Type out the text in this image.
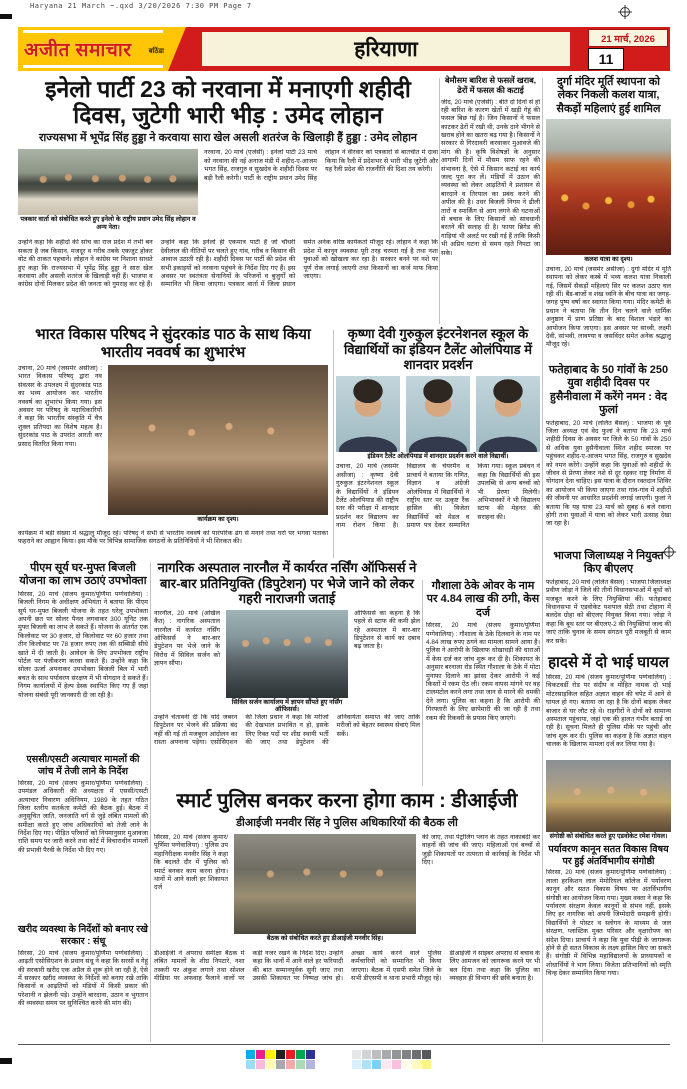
Haryana 21 March ~.qxd 3/20/2026 7:30 PM Page 7
अजीत समाचार बठिंडा	हरियाणा	21 मार्च, 2026
11
इनेलो पार्टी 23 को नरवाना में मनाएगी शहीदी दिवस, जुटेगी भारी भीड़ : उमेद लोहान
राज्यसभा में भूपेंद्र सिंह हुड्डा ने करवाया सारा खेल असली शतरंज के खिलाड़ी हैं हुड्डा : उमेद लोहान
पत्रकार वार्ता को संबोधित करते हुए इनेलो के राष्ट्रीय प्रधान उमेद सिंह लोहान व अन्य नेता।
नरवाना, 20 मार्च (एजेंसी) : इनेलो पार्टी 23 मार्च को नरवाना की नई अनाज मंडी में शहीद-ए-आजम भगत सिंह, राजगुरु व सुखदेव के शहीदी दिवस पर बड़ी रैली करेगी। पार्टी के राष्ट्रीय प्रधान उमेद सिंह लोहान ने वीरवार को पत्रकारों से बातचीत में दावा किया कि रैली में प्रदेशभर से भारी भीड़ जुटेगी और यह रैली प्रदेश की राजनीति की दिशा तय करेगी।
उन्होंने कहा कि शहीदों की सोच का राज प्रदेश में तभी बन सकता है जब किसान, मजदूर व गरीब तबके एकजुट होकर वोट की ताकत पहचानें। लोहान ने कांग्रेस पर निशाना साधते हुए कहा कि राज्यसभा में भूपेंद्र सिंह हुड्डा ने सारा खेल करवाया और असली शतरंज के खिलाड़ी वही हैं। भाजपा व कांग्रेस दोनों मिलकर प्रदेश की जनता को गुमराह कर रहे हैं। उन्होंने कहा कि इनेलो ही एकमात्र पार्टी है जो चौधरी देवीलाल की नीतियों पर चलते हुए गांव, गरीब व किसान की आवाज उठाती रही है। शहीदी दिवस पर पार्टी की प्रदेश की सभी इकाइयों को नरवाना पहुंचने के निर्देश दिए गए हैं। इस अवसर पर स्वतंत्रता सेनानियों के परिजनों व बुजुर्गों को सम्मानित भी किया जाएगा। पत्रकार वार्ता में जिला प्रधान समेत अनेक वरिष्ठ कार्यकर्ता मौजूद रहे। लोहान ने कहा कि प्रदेश में कानून व्यवस्था पूरी तरह चरमरा गई है तथा नशा युवाओं को खोखला कर रहा है। सरकार बनने पर नशे पर पूर्ण रोक लगाई जाएगी तथा किसानों का कर्ज माफ किया जाएगा।
बेमौसम बारिश से फसलें खराब, ढेरों में फसल की कटाई
जींद, 20 मार्च (एजेंसी) : बीते दो दिनों से हो रही बारिश के कारण खेतों में खड़ी गेहूं की फसल बिछ गई है। जिन किसानों ने फसल काटकर ढेरों में रखी थी, उनके दाने भीगने से खराब होने का खतरा बढ़ गया है। किसानों ने सरकार से गिरदावरी करवाकर मुआवजे की मांग की है। कृषि विशेषज्ञों के अनुसार आगामी दिनों में मौसम साफ रहने की संभावना है, ऐसे में किसान कटाई का कार्य जल्द पूरा कर लें। मंडियों में उठान की व्यवस्था को लेकर आढ़तियों ने प्रशासन से बारदाने व तिरपाल का प्रबंध करने की अपील की है। उधर बिजली निगम ने ढीली तारों व स्पार्किंग से आग लगने की घटनाओं से बचाव के लिए किसानों को सावधानी बरतने की सलाह दी है। फायर ब्रिगेड की गाड़ियां भी अलर्ट पर रखी गई हैं ताकि किसी भी अप्रिय घटना से समय रहते निपटा जा सके।
दुर्गा मंदिर मूर्ति स्थापना को लेकर निकली कलश यात्रा, सैकड़ों महिलाएं हुई शामिल
कलश यात्रा का दृश्य।
उचाना, 20 मार्च (जसमेर असीजा) : दुर्गा मंदिर में मूर्ति स्थापना को लेकर कस्बे में भव्य कलश यात्रा निकाली गई, जिसमें सैकड़ों महिलाएं सिर पर कलश उठाए चल रही थीं। बैंड-बाजों व शंख ध्वनि के बीच यात्रा का जगह-जगह पुष्प वर्षा कर स्वागत किया गया। मंदिर कमेटी के प्रधान ने बताया कि तीन दिन चलने वाले धार्मिक अनुष्ठान में प्राण प्रतिष्ठा के बाद विशाल भंडारे का आयोजन किया जाएगा। इस अवसर पर साध्वी, लक्ष्मी देवी, सांभवी, लावण्या व जसविंदर समेत अनेक श्रद्धालु मौजूद रहे।
भारत विकास परिषद ने सुंदरकांड पाठ के साथ किया भारतीय नववर्ष का शुभारंभ
उचाना, 20 मार्च (जसमेर असीजा) : भारत विकास परिषद् द्वारा नव संवत्सर के उपलक्ष्य में सुंदरकांड पाठ का भव्य आयोजन कर भारतीय नववर्ष का शुभारंभ किया गया। इस अवसर पर परिषद् के पदाधिकारियों ने कहा कि भारतीय संस्कृति में चैत्र शुक्ल प्रतिपदा का विशेष महत्व है। सुंदरकांड पाठ के उपरांत आरती कर प्रसाद वितरित किया गया।
कार्यक्रम का दृश्य।
कार्यक्रम में बड़ी संख्या में श्रद्धालु मौजूद रहे। परिषद् ने सभी से भारतीय नववर्ष को पारंपरिक ढंग से मनाने तथा घरों पर भगवा पताका फहराने का आह्वान किया। इस मौके पर विभिन्न सामाजिक संगठनों के प्रतिनिधियों ने भी शिरकत की।
कृष्णा देवी गुरुकुल इंटरनेशनल स्कूल के विद्यार्थियों का इंडियन टैलेंट ओलंपियाड में शानदार प्रदर्शन
इंडियन टैलेंट ओलंपियाड में शानदार प्रदर्शन करने वाले विद्यार्थी।
उचाना, 20 मार्च (जसमेर असीजा) : कृष्णा देवी गुरुकुल इंटरनेशनल स्कूल के विद्यार्थियों ने इंडियन टैलेंट ओलंपियाड की राष्ट्रीय स्तर की परीक्षा में शानदार प्रदर्शन कर विद्यालय का नाम रोशन किया है। विद्यालय के चेयरमैन व प्राचार्य ने बताया कि गणित, विज्ञान व अंग्रेजी ओलंपियाड में विद्यार्थियों ने राष्ट्रीय स्तर पर उत्कृष्ट रैंक हासिल की। विजेता विद्यार्थियों को मेडल व प्रमाण पत्र देकर सम्मानित किया गया। स्कूल प्रबंधन ने कहा कि विद्यार्थियों की इस उपलब्धि से अन्य बच्चों को भी प्रेरणा मिलेगी। अभिभावकों ने भी विद्यालय स्टाफ की मेहनत की सराहना की।
फतेहाबाद के 50 गांवों के 250 युवा शहीदी दिवस पर हुसैनीवाला में करेंगे नमन : वेद फुलां
फतेहाबाद, 20 मार्च (ललित बैंसल) : भाजपा के पूर्व जिला अध्यक्ष एवं वेद फुलां ने बताया कि 23 मार्च शहीदी दिवस के अवसर पर जिले के 50 गांवों के 250 से अधिक युवा हुसैनीवाला स्थित शहीद स्मारक पर पहुंचकर शहीद-ए-आजम भगत सिंह, राजगुरु व सुखदेव को नमन करेंगे। उन्होंने कहा कि युवाओं को शहीदों के जीवन से प्रेरणा लेकर नशे से दूर रहकर राष्ट्र निर्माण में योगदान देना चाहिए। इस यात्रा के दौरान रक्तदान शिविर का आयोजन भी किया जाएगा तथा गांव-गांव में शहीदों की जीवनी पर आधारित प्रदर्शनी लगाई जाएगी। फुलां ने बताया कि यह यात्रा 23 मार्च को सुबह 6 बजे रवाना होगी तथा युवाओं में यात्रा को लेकर भारी उत्साह देखा जा रहा है।
भाजपा जिलाध्यक्ष ने नियुक्त किए बीएलए
फतेहाबाद, 20 मार्च (ललित बैंसल) : भाजपा जिलाध्यक्ष प्रवीण जोड़ा ने जिले की तीनों विधानसभाओं में बूथों को मजबूत करने के लिए नियुक्तियां कीं। फतेहाबाद विधानसभा में एडवोकेट यशपाल सेठी तथा टोहाना में बलदेव ग्रोहा को बीएलए नियुक्त किया गया। जोड़ा ने कहा कि बूथ स्तर पर बीएलए-2 की नियुक्तियां जल्द की जाएं ताकि चुनाव के समय संगठन पूरी मजबूती से काम कर सके।
हादसे में दो भाई घायल
सिरसा, 20 मार्च (संजय कुमार/पूर्णिमा पग्गेवालिया) : चिकटवर्डी रोड पर संदीप व मोहित नामक दो भाई मोटरसाइकिल सहित अज्ञात वाहन की चपेट में आने से घायल हो गए। बताया जा रहा है कि दोनों बाइक लेकर बाजार से घर लौट रहे थे। राहगीरों ने दोनों को सामान्य अस्पताल पहुंचाया, जहां एक की हालत गंभीर बताई जा रही है। सूचना मिलते ही पुलिस मौके पर पहुंची और जांच शुरू कर दी। पुलिस का कहना है कि अज्ञात वाहन चालक के खिलाफ मामला दर्ज कर लिया गया है।
संगोष्ठी को संबोधित करते हुए एडवोकेट रमेश गोयल।
पर्यावरण कानून सतत विकास विषय पर हुई अंतर्विभागीय संगोष्ठी
सिरसा, 20 मार्च (संजय कुमार/पूर्णिमा पग्गेवालिया) : लाला हरकिशन लाल मेमोरियल कॉलेज में पर्यावरण कानून और सतत विकास विषय पर अंतर्विभागीय संगोष्ठी का आयोजन किया गया। मुख्य वक्ता ने कहा कि पर्यावरण संरक्षण केवल कानूनों से संभव नहीं, इसके लिए हर नागरिक को अपनी जिम्मेदारी समझनी होगी। विद्यार्थियों ने पोस्टर व स्लोगन के माध्यम से जल संरक्षण, प्लास्टिक मुक्त परिसर और वृक्षारोपण का संदेश दिया। प्राचार्य ने कहा कि युवा पीढ़ी के जागरूक होने से ही सतत विकास के लक्ष्य हासिल किए जा सकते हैं। संगोष्ठी में विभिन्न महाविद्यालयों के प्राध्यापकों व शोधार्थियों ने भाग लिया। विजेता प्रतिभागियों को स्मृति चिन्ह देकर सम्मानित किया गया।
पीएम सूर्य घर-मुफ्त बिजली योजना का लाभ उठाएं उपभोक्ता
सिरसा, 20 मार्च (संजय कुमार/पूर्णिमा पग्गेवालिया) : बिजली निगम के अधीक्षण अभियंता ने बताया कि पीएम सूर्य घर-मुफ्त बिजली योजना के तहत घरेलू उपभोक्ता अपनी छत पर सोलर पैनल लगवाकर 300 यूनिट तक मुफ्त बिजली का लाभ ले सकते हैं। योजना के अंतर्गत एक किलोवाट पर 30 हजार, दो किलोवाट पर 60 हजार तथा तीन किलोवाट पर 78 हजार रुपए तक की सब्सिडी सीधे खाते में दी जाती है। आवेदन के लिए उपभोक्ता राष्ट्रीय पोर्टल पर पंजीकरण करवा सकते हैं। उन्होंने कहा कि सोलर ऊर्जा अपनाकर उपभोक्ता बिजली बिल में भारी बचत के साथ पर्यावरण संरक्षण में भी योगदान दे सकते हैं। निगम कार्यालयों में हेल्प डेस्क स्थापित किए गए हैं जहां योजना संबंधी पूरी जानकारी दी जा रही है।
नागरिक अस्पताल नारनौल में कार्यरत नर्सिंग ऑफिसर्स ने बार-बार प्रतिनियुक्ति (डिपुटेशन) पर भेजे जाने को लेकर गहरी नाराजगी जताई
नारनौल, 20 मार्च (अखिल कैंत) : नागरिक अस्पताल नारनौल में कार्यरत नर्सिंग ऑफिसर्स ने बार-बार डेपुटेशन पर भेजे जाने के विरोध में सिविल सर्जन को ज्ञापन सौंपा।
सिविल सर्जन कार्यालय में ज्ञापन सौंपते हुए नर्सिंग ऑफिसर्स।
ऑफिसर्स का कहना है कि पहले से स्टाफ की कमी झेल रहे अस्पताल में बार-बार डिपुटेशन से कार्य का दबाव बढ़ जाता है।
उन्होंने चेतावनी दी कि यदि जबरन डिपुटेशन पर भेजने की प्रक्रिया बंद नहीं की गई तो मजबूरन आंदोलन का रास्ता अपनाना पड़ेगा। एसोसिएशन की जिला प्रधान ने कहा कि मरीजों की देखभाल प्रभावित न हो, इसके लिए रिक्त पदों पर शीघ्र स्थायी भर्ती की जाए तथा डेपुटेशन की अनिवार्यता समाप्त की जाए ताकि मरीजों को बेहतर स्वास्थ्य सेवाएं मिल सकें।
गौशाला ठेके ओवर के नाम पर 4.84 लाख की ठगी, केस दर्ज
सिरसा, 20 मार्च (संजय कुमार/पूर्णिमा पग्गेवालिया) : गौशाला के ठेके दिलवाने के नाम पर 4.84 लाख रुपए ठगने का मामला सामने आया है। पुलिस ने आरोपी के खिलाफ धोखाधड़ी की धाराओं में केस दर्ज कर जांच शुरू कर दी है। शिकायत के अनुसार बरनाला रोड स्थित गौशाला के ठेके में मोटा मुनाफा दिलाने का झांसा देकर आरोपी ने कई किस्तों में रकम ऐंठ ली। रकम वापस मांगने पर वह टालमटोल करने लगा तथा जान से मारने की धमकी देने लगा। पुलिस का कहना है कि आरोपी की गिरफ्तारी के लिए छापेमारी की जा रही है तथा रकम की रिकवरी के प्रयास किए जाएंगे।
एससी/एसटी अत्याचार मामलों की जांच में तेजी लाने के निर्देश
सिरसा, 20 मार्च (संजय कुमार/पूर्णिमा पग्गेवालिया) : उपमंडल अधिकारी की अध्यक्षता में एससी/एसटी अत्याचार निवारण अधिनियम, 1989 के तहत गठित जिला स्तरीय सतर्कता कमेटी की बैठक हुई। बैठक में अनुसूचित जाति, जनजाति वर्ग से जुड़े लंबित मामलों की समीक्षा करते हुए जांच अधिकारियों को तेजी लाने के निर्देश दिए गए। पीड़ित परिवारों को नियमानुसार मुआवजा राशि समय पर जारी करने तथा कोर्ट में विचाराधीन मामलों की प्रभावी पैरवी के निर्देश भी दिए गए।
खरीद व्यवस्था के निर्देशों को बनाए रखे सरकार : संधू
सिरसा, 20 मार्च (संजय कुमार/पूर्णिमा पग्गेवालिया) : आढ़ती एसोसिएशन के प्रधान संधू ने कहा कि सरसों व गेहूं की सरकारी खरीद एक अप्रैल से शुरू होने जा रही है, ऐसे में सरकार खरीद व्यवस्था के निर्देशों को बनाए रखे ताकि किसानों व आढ़तियों को मंडियों में किसी प्रकार की परेशानी न झेलनी पड़े। उन्होंने बारदाना, उठान व भुगतान की व्यवस्था समय पर सुनिश्चित करने की मांग की।
स्मार्ट पुलिस बनकर करना होगा काम : डीआईजी
डीआईजी मनवीर सिंह ने पुलिस अधिकारियों की बैठक ली
सिरसा, 20 मार्च (संजय कुमार/पूर्णिमा पग्गेवालिया) : पुलिस उप महानिरीक्षक मनवीर सिंह ने कहा कि बदलते दौर में पुलिस को स्मार्ट बनकर काम करना होगा। थानों में आने वाली हर शिकायत दर्ज
बैठक को संबोधित करते हुए डीआईजी मनवीर सिंह।
की जाए, तथा पेट्रोलिंग प्लान के तहत नाकाबंदी कर वाहनों की जांच की जाए। महिलाओं एवं बच्चों से जुड़ी शिकायतों पर तत्परता से कार्रवाई के निर्देश भी दिए।
डीआईजी ने अपराध समीक्षा बैठक में लंबित मामलों के शीघ्र निपटारे, नशा तस्करी पर अंकुश लगाने तथा सोशल मीडिया पर अफवाह फैलाने वालों पर कड़ी नजर रखने के निर्देश दिए। उन्होंने कहा कि थानों में आने वाले हर फरियादी की बात सम्मानपूर्वक सुनी जाए तथा उसकी शिकायत पर निष्पक्ष जांच हो। अच्छा कार्य करने वाले पुलिस कर्मचारियों को सम्मानित भी किया जाएगा। बैठक में एसपी समेत जिले के सभी डीएसपी व थाना प्रभारी मौजूद रहे। डीआईजी ने साइबर अपराध से बचाव के लिए आमजन को जागरूक करने पर भी बल दिया तथा कहा कि पुलिस का व्यवहार ही विभाग की छवि बनाता है।
